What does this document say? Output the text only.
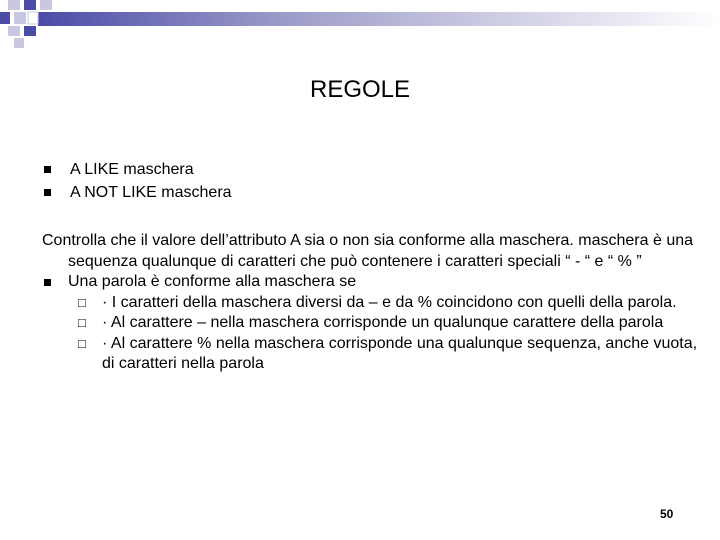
REGOLE
A LIKE maschera
A NOT LIKE maschera
Controlla che il valore dell’attributo A sia o non sia conforme alla maschera. maschera è una sequenza qualunque di caratteri che può contenere i caratteri speciali “ - “ e “ % ”
Una parola è conforme alla maschera se
□	· I caratteri della maschera diversi da – e da % coincidono con quelli della parola.
□	· Al carattere – nella maschera corrisponde un qualunque carattere della parola
□	· Al carattere % nella maschera corrisponde una qualunque sequenza, anche vuota, di caratteri nella parola
50
